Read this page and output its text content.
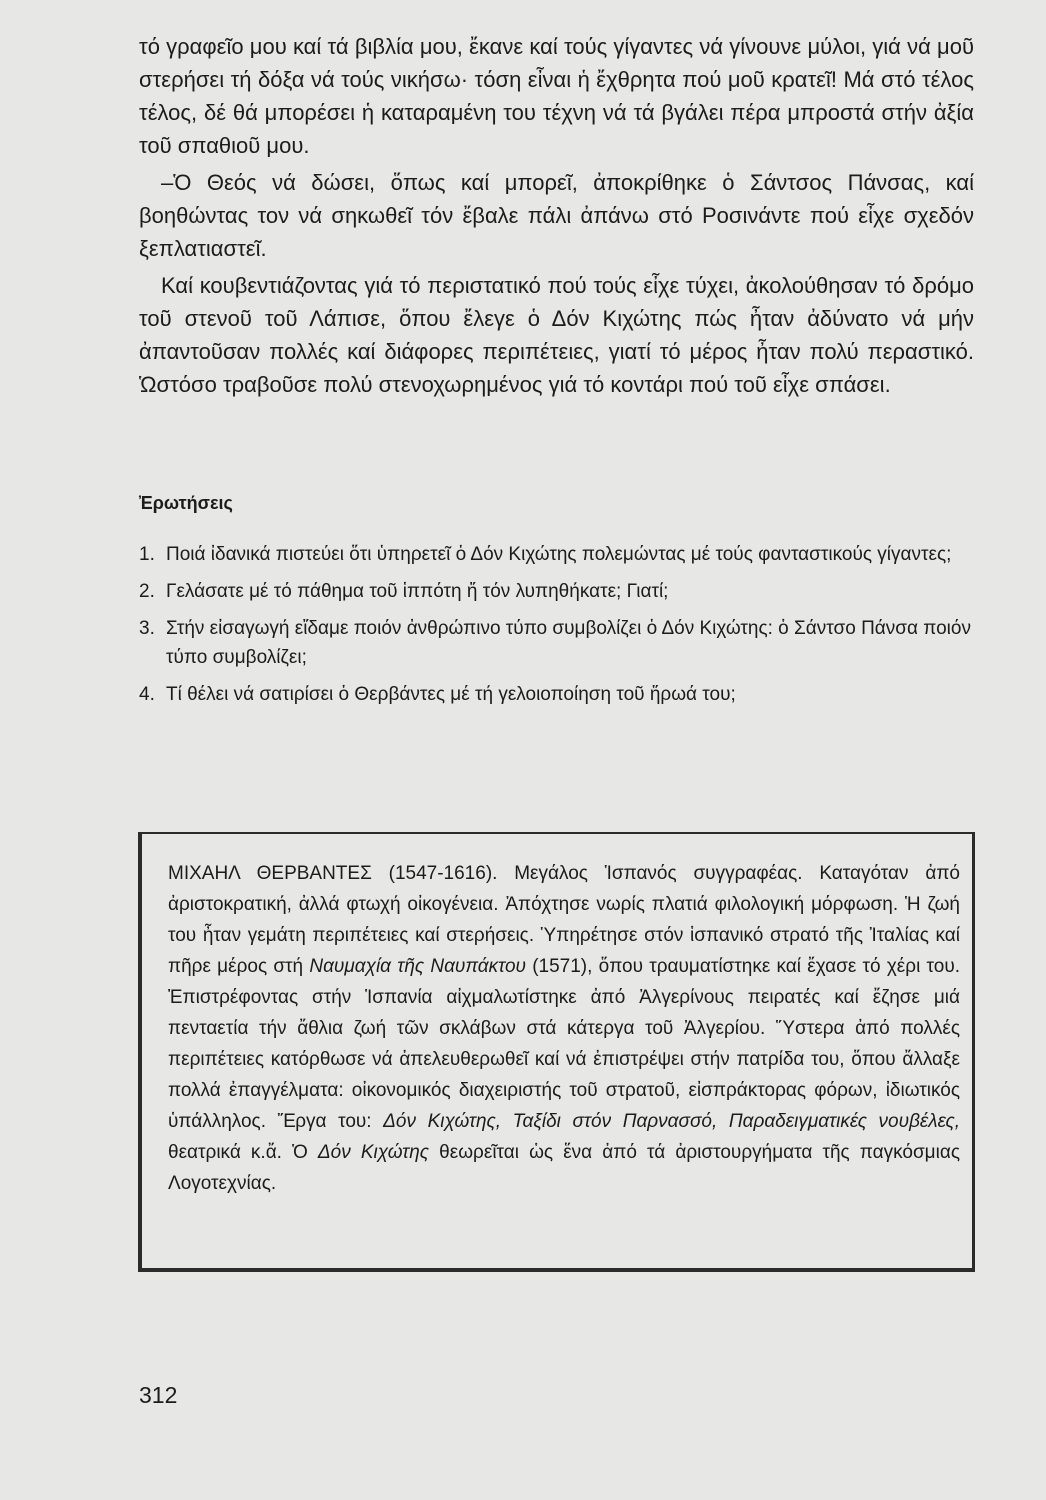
τό γραφεῖο μου καί τά βιβλία μου, ἔκανε καί τούς γίγαντες νά γίνουνε μύλοι, γιά νά μοῦ στερήσει τή δόξα νά τούς νικήσω· τόση εἶναι ἡ ἔχθρητα πού μοῦ κρατεῖ! Μά στό τέλος τέλος, δέ θά μπορέσει ἡ καταραμένη του τέχνη νά τά βγάλει πέρα μπροστά στήν ἀξία τοῦ σπαθιοῦ μου.

–Ὁ Θεός νά δώσει, ὅπως καί μπορεῖ, ἀποκρίθηκε ὁ Σάντσος Πάνσας, καί βοηθώντας τον νά σηκωθεῖ τόν ἔβαλε πάλι ἀπάνω στό Ροσινάντε πού εἶχε σχεδόν ξεπλατιαστεῖ.

Καί κουβεντιάζοντας γιά τό περιστατικό πού τούς εἶχε τύχει, ἀκολούθησαν τό δρόμο τοῦ στενοῦ τοῦ Λάπισε, ὅπου ἔλεγε ὁ Δόν Κιχώτης πώς ἦταν ἀδύνατο νά μήν ἀπαντοῦσαν πολλές καί διάφορες περιπέτειες, γιατί τό μέρος ἦταν πολύ περαστικό. Ὡστόσο τραβοῦσε πολύ στενοχωρημένος γιά τό κοντάρι πού τοῦ εἶχε σπάσει.

Ἐρωτήσεις
1. Ποιά ἰδανικά πιστεύει ὅτι ὑπηρετεῖ ὁ Δόν Κιχώτης πολεμώντας μέ τούς φανταστικούς γίγαντες;
2. Γελάσατε μέ τό πάθημα τοῦ ἱππότη ἤ τόν λυπηθήκατε; Γιατί;
3. Στήν εἰσαγωγή εἴδαμε ποιόν ἀνθρώπινο τύπο συμβολίζει ὁ Δόν Κιχώτης: ὁ Σάντσο Πάνσα ποιόν τύπο συμβολίζει;
4. Τί θέλει νά σατιρίσει ὁ Θερβάντες μέ τή γελοιοποίηση τοῦ ἥρωά του;

ΜΙΧΑΗΛ ΘΕΡΒΑΝΤΕΣ (1547-1616). Μεγάλος Ἱσπανός συγγραφέας. Καταγόταν ἀπό ἀριστοκρατική, ἀλλά φτωχή οἰκογένεια. Ἀπόχτησε νωρίς πλατιά φιλολογική μόρφωση. Ἡ ζωή του ἦταν γεμάτη περιπέτειες καί στερήσεις. Ὑπηρέτησε στόν ἱσπανικό στρατό τῆς Ἰταλίας καί πῆρε μέρος στή Ναυμαχία τῆς Ναυπάκτου (1571), ὅπου τραυματίστηκε καί ἔχασε τό χέρι του. Ἐπιστρέφοντας στήν Ἱσπανία αἰχμαλωτίστηκε ἀπό Ἀλγερίνους πειρατές καί ἔζησε μιά πενταετία τήν ἄθλια ζωή τῶν σκλάβων στά κάτεργα τοῦ Ἀλγερίου. Ὕστερα ἀπό πολλές περιπέτειες κατόρθωσε νά ἀπελευθερωθεῖ καί νά ἐπιστρέψει στήν πατρίδα του, ὅπου ἄλλαξε πολλά ἐπαγγέλματα: οἰκονομικός διαχειριστής τοῦ στρατοῦ, εἰσπράκτορας φόρων, ἰδιωτικός ὑπάλληλος. Ἔργα του: Δόν Κιχώτης, Ταξίδι στόν Παρνασσό, Παραδειγματικές νουβέλες, θεατρικά κ.ἄ. Ὁ Δόν Κιχώτης θεωρεῖται ὡς ἕνα ἀπό τά ἀριστουργήματα τῆς παγκόσμιας Λογοτεχνίας.

312
